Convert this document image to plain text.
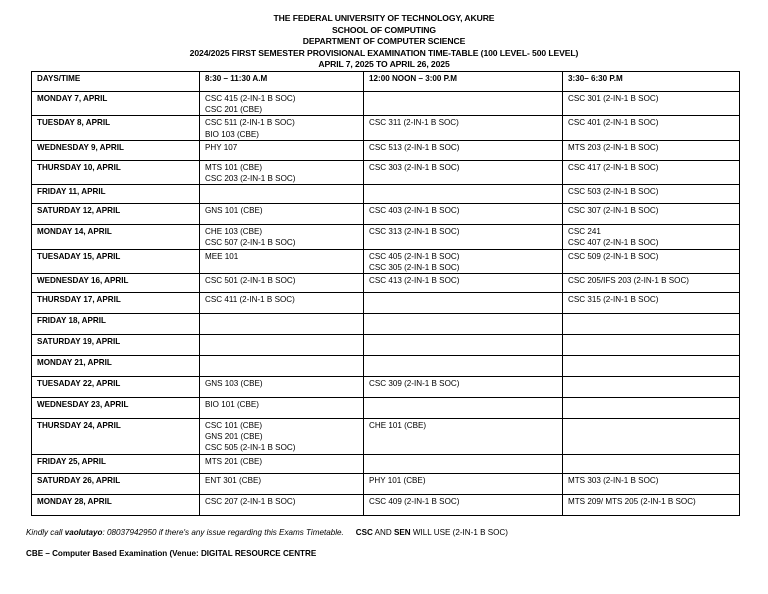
THE FEDERAL UNIVERSITY OF TECHNOLOGY, AKURE
SCHOOL OF COMPUTING
DEPARTMENT OF COMPUTER SCIENCE
2024/2025 FIRST SEMESTER PROVISIONAL EXAMINATION TIME-TABLE (100 LEVEL- 500 LEVEL)
APRIL 7, 2025 TO APRIL 26, 2025
DAYS/TIME	8:30 – 11:30 A.M	12:00 NOON – 3:00 P.M	3:30– 6:30 P.M
MONDAY 7, APRIL	CSC 415 (2-IN-1 B SOC)
CSC 201 (CBE)		CSC 301 (2-IN-1 B SOC)

TUESDAY 8, APRIL	CSC 511 (2-IN-1 B SOC)
BIO 103 (CBE)	CSC 311 (2-IN-1 B SOC)	CSC 401 (2-IN-1 B SOC)

WEDNESDAY 9, APRIL	PHY 107	CSC 513 (2-IN-1 B SOC)	MTS 203 (2-IN-1 B SOC)

THURSDAY 10, APRIL	MTS 101 (CBE)
CSC 203 (2-IN-1 B SOC)	CSC 303 (2-IN-1 B SOC)	CSC 417 (2-IN-1 B SOC)

FRIDAY 11, APRIL			CSC 503 (2-IN-1 B SOC)

SATURDAY 12, APRIL	GNS 101 (CBE)	CSC 403 (2-IN-1 B SOC)	CSC 307 (2-IN-1 B SOC)

MONDAY 14, APRIL	CHE 103 (CBE)
CSC 507 (2-IN-1 B SOC)	CSC 313 (2-IN-1 B SOC)	CSC 241
CSC 407 (2-IN-1 B SOC)

TUESADAY 15, APRIL	MEE 101	CSC 405 (2-IN-1 B SOC)
CSC 305 (2-IN-1 B SOC)	CSC 509 (2-IN-1 B SOC)

WEDNESDAY 16, APRIL	CSC 501 (2-IN-1 B SOC)	CSC 413 (2-IN-1 B SOC)	CSC 205/IFS 203 (2-IN-1 B SOC)

THURSDAY 17, APRIL	CSC 411 (2-IN-1 B SOC)		CSC 315 (2-IN-1 B SOC)

FRIDAY 18, APRIL			
SATURDAY 19, APRIL			
MONDAY 21, APRIL			
TUESADAY 22, APRIL	GNS 103 (CBE)	CSC 309 (2-IN-1 B SOC)	

WEDNESDAY 23, APRIL	BIO 101 (CBE)		

THURSDAY 24, APRIL	CSC 101 (CBE)
GNS 201 (CBE)
CSC 505 (2-IN-1 B SOC)	CHE 101 (CBE)	

FRIDAY 25, APRIL	MTS 201 (CBE)		

SATURDAY 26, APRIL	ENT 301 (CBE)	PHY 101 (CBE)	MTS 303 (2-IN-1 B SOC)

MONDAY 28, APRIL	CSC 207 (2-IN-1 B SOC)	CSC 409 (2-IN-1 B SOC)	MTS 209/ MTS 205 (2-IN-1 B SOC)
Kindly call vaolutayo: 08037942950 if there's any issue regarding this Exams Timetable. CSC AND SEN WILL USE (2-IN-1 B SOC)
CBE – Computer Based Examination (Venue: DIGITAL RESOURCE CENTRE
